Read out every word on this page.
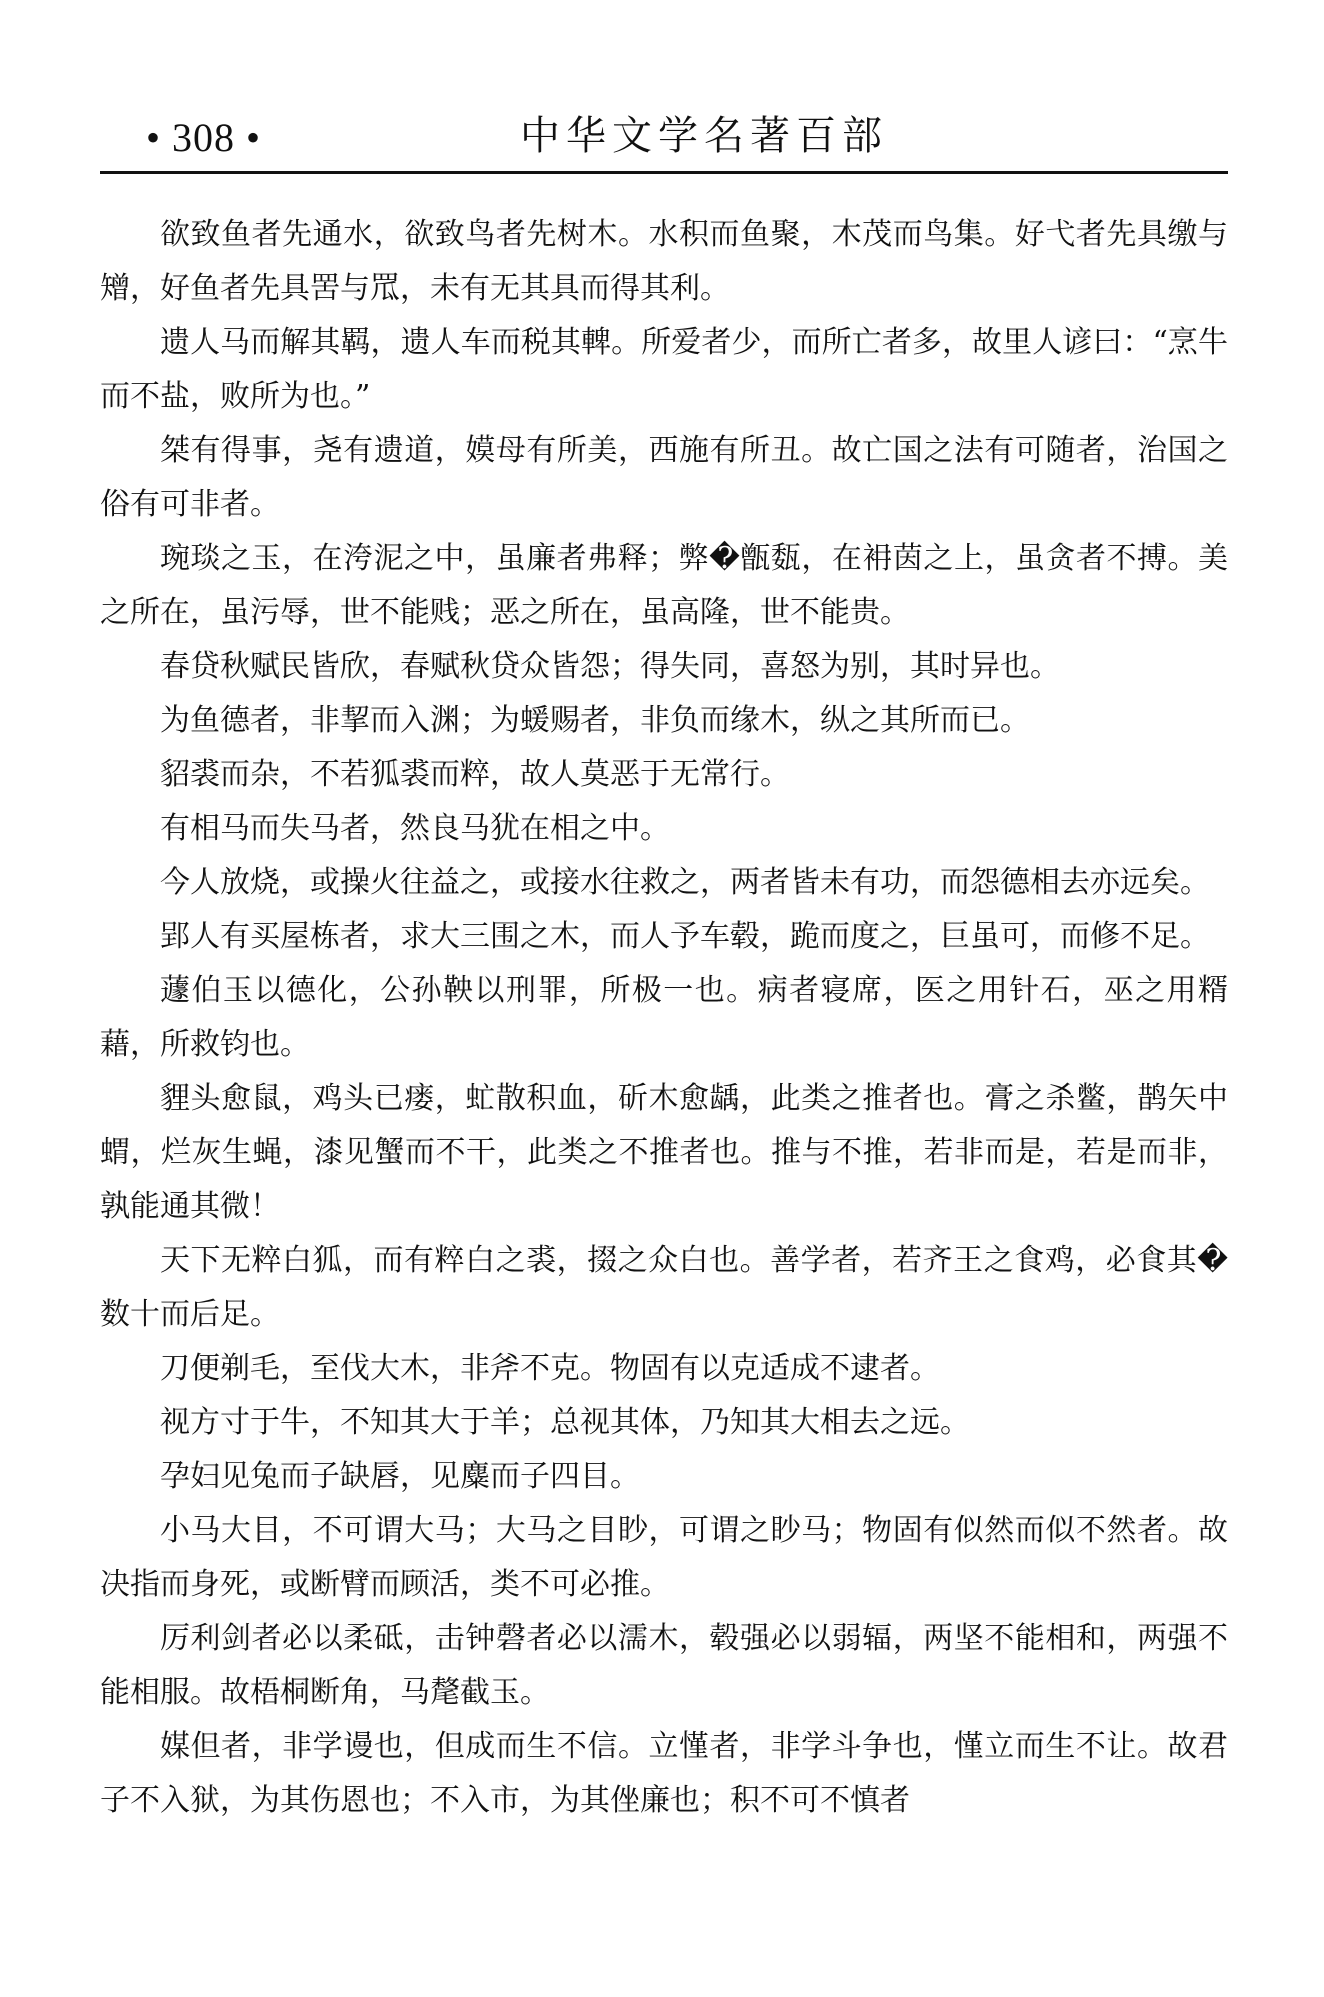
• 308 •	中华文学名著百部

欲致鱼者先通水，欲致鸟者先树木。水积而鱼聚，木茂而鸟集。好弋者先具缴与矰，好鱼者先具罟与罛，未有无其具而得其利。

遗人马而解其羁，遗人车而税其䡟。所爱者少，而所亡者多，故里人谚曰：“烹牛而不盐，败所为也。”

桀有得事，尧有遗道，嫫母有所美，西施有所丑。故亡国之法有可随者，治国之俗有可非者。

琬琰之玉，在洿泥之中，虽廉者弗释；弊�甑瓾，在衻茵之上，虽贪者不搏。美之所在，虽污辱，世不能贱；恶之所在，虽高隆，世不能贵。

春贷秋赋民皆欣，春赋秋贷众皆怨；得失同，喜怒为别，其时异也。

为鱼德者，非挈而入渊；为蝯赐者，非负而缘木，纵之其所而已。

貂裘而杂，不若狐裘而粹，故人莫恶于无常行。

有相马而失马者，然良马犹在相之中。

今人放烧，或操火往益之，或接水往救之，两者皆未有功，而怨德相去亦远矣。

郢人有买屋栋者，求大三围之木，而人予车毂，跪而度之，巨虽可，而修不足。

蘧伯玉以德化，公孙鞅以刑罪，所极一也。病者寝席，医之用针石，巫之用糈藉，所救钧也。

貍头愈鼠，鸡头已瘘，虻散积血，斫木愈龋，此类之推者也。膏之杀鳖，鹊矢中蝟，烂灰生蝇，漆见蟹而不干，此类之不推者也。推与不推，若非而是，若是而非，孰能通其微！

天下无粹白狐，而有粹白之裘，掇之众白也。善学者，若齐王之食鸡，必食其�数十而后足。

刀便剃毛，至伐大木，非斧不克。物固有以克适成不逮者。

视方寸于牛，不知其大于羊；总视其体，乃知其大相去之远。

孕妇见兔而子缺唇，见麋而子四目。

小马大目，不可谓大马；大马之目眇，可谓之眇马；物固有似然而似不然者。故决指而身死，或断臂而顾活，类不可必推。

厉利剑者必以柔砥，击钟磬者必以濡木，毂强必以弱辐，两坚不能相和，两强不能相服。故梧桐断角，马氂截玉。

媒但者，非学谩也，但成而生不信。立慬者，非学斗争也，慬立而生不让。故君子不入狱，为其伤恩也；不入市，为其侳廉也；积不可不慎者
